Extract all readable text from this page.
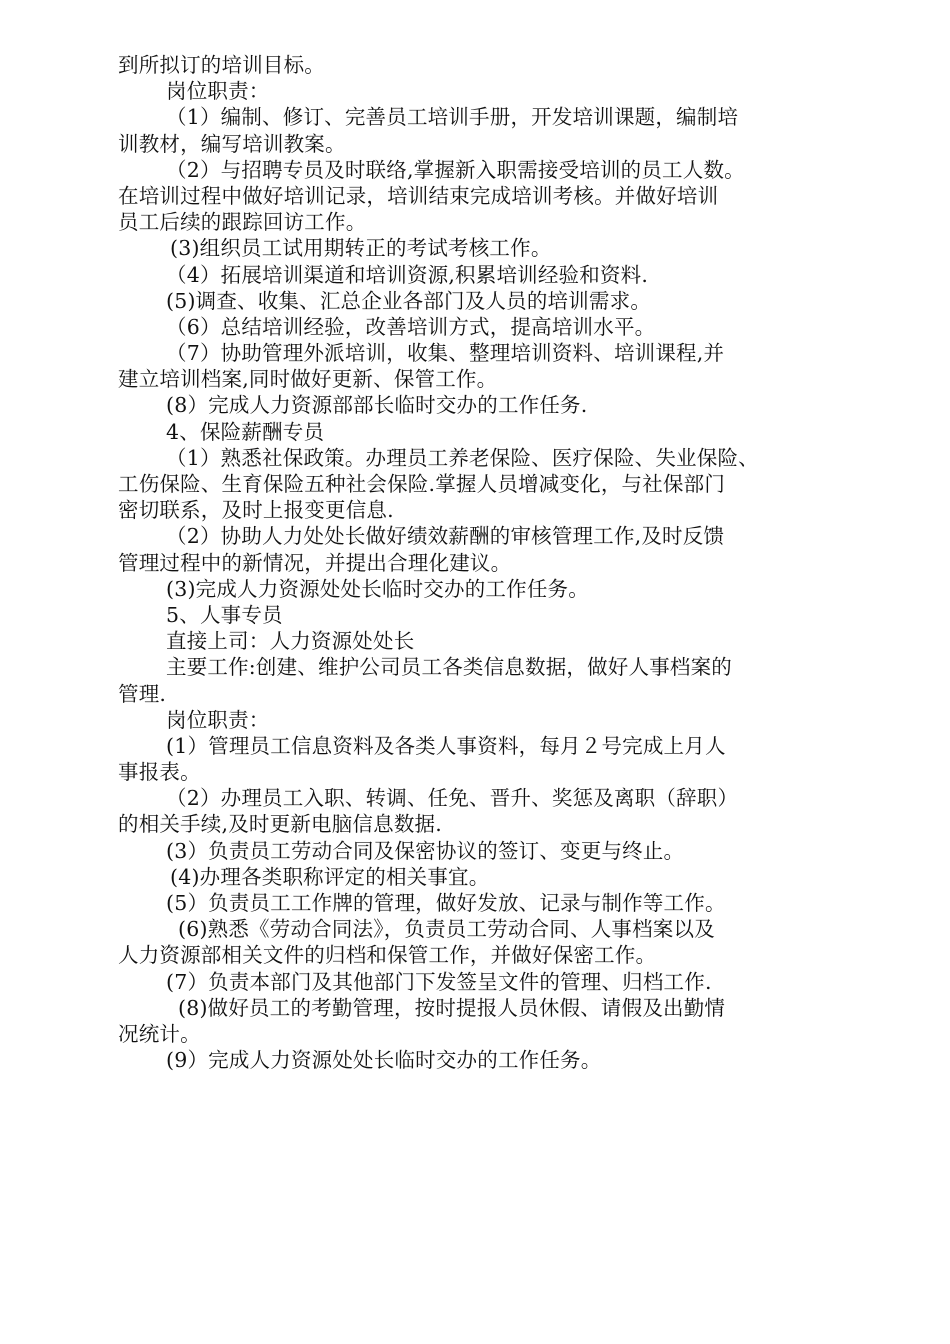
到所拟订的培训目标。
岗位职责：
（1）编制、修订、完善员工培训手册，开发培训课题，编制培
训教材，编写培训教案。
（2）与招聘专员及时联络,掌握新入职需接受培训的员工人数。
在培训过程中做好培训记录，培训结束完成培训考核。并做好培训
员工后续的跟踪回访工作。
(3)组织员工试用期转正的考试考核工作。
（4）拓展培训渠道和培训资源,积累培训经验和资料.
(5)调查、收集、汇总企业各部门及人员的培训需求。
（6）总结培训经验，改善培训方式，提高培训水平。
（7）协助管理外派培训，收集、整理培训资料、培训课程,并
建立培训档案,同时做好更新、保管工作。
(8）完成人力资源部部长临时交办的工作任务.
4、保险薪酬专员
（1）熟悉社保政策。办理员工养老保险、医疗保险、失业保险、
工伤保险、生育保险五种社会保险.掌握人员增减变化，与社保部门
密切联系，及时上报变更信息.
（2）协助人力处处长做好绩效薪酬的审核管理工作,及时反馈
管理过程中的新情况，并提出合理化建议。
(3)完成人力资源处处长临时交办的工作任务。
5、人事专员
直接上司：人力资源处处长
主要工作:创建、维护公司员工各类信息数据，做好人事档案的
管理.
岗位职责：
(1）管理员工信息资料及各类人事资料，每月２号完成上月人
事报表。
（2）办理员工入职、转调、任免、晋升、奖惩及离职（辞职）
的相关手续,及时更新电脑信息数据.
(3）负责员工劳动合同及保密协议的签订、变更与终止。
(4)办理各类职称评定的相关事宜。
(5）负责员工工作牌的管理，做好发放、记录与制作等工作。
(6)熟悉《劳动合同法》，负责员工劳动合同、人事档案以及
人力资源部相关文件的归档和保管工作，并做好保密工作。
(7）负责本部门及其他部门下发签呈文件的管理、归档工作.
(8)做好员工的考勤管理，按时提报人员休假、请假及出勤情
况统计。
(9）完成人力资源处处长临时交办的工作任务。
